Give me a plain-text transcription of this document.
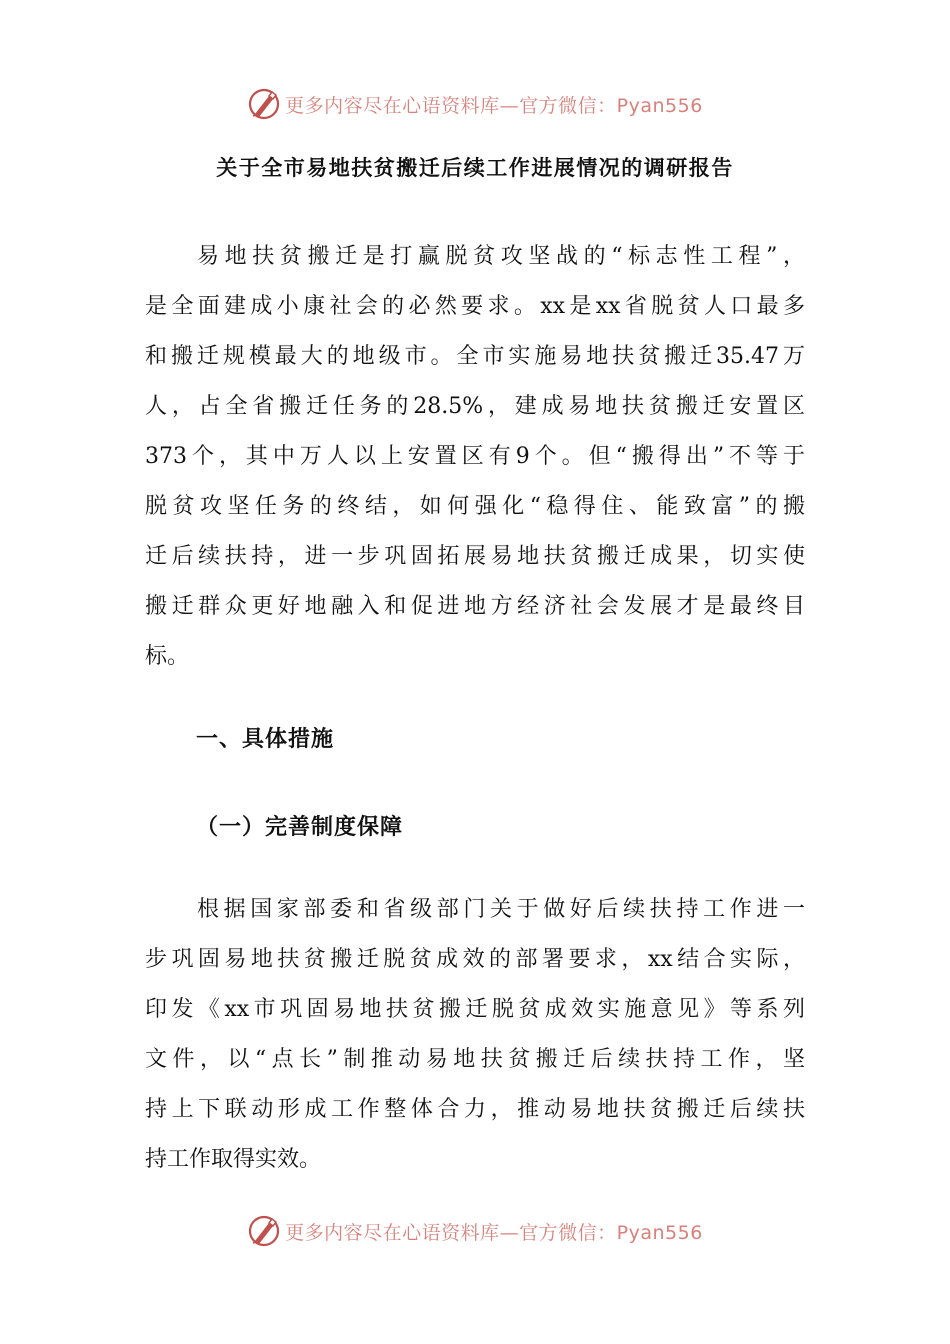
更多内容尽在心语资料库—官方微信：Pyan556
关于全市易地扶贫搬迁后续工作进展情况的调研报告
易地扶贫搬迁是打赢脱贫攻坚战的“标志性工程”，
是全面建成小康社会的必然要求。xx是xx省脱贫人口最多
和搬迁规模最大的地级市。全市实施易地扶贫搬迁35.47万
人，占全省搬迁任务的28.5%，建成易地扶贫搬迁安置区
373个，其中万人以上安置区有9个。但“搬得出”不等于
脱贫攻坚任务的终结，如何强化“稳得住、能致富”的搬
迁后续扶持，进一步巩固拓展易地扶贫搬迁成果，切实使
搬迁群众更好地融入和促进地方经济社会发展才是最终目
标。
一、具体措施
（一）完善制度保障
根据国家部委和省级部门关于做好后续扶持工作进一
步巩固易地扶贫搬迁脱贫成效的部署要求，xx结合实际，
印发《xx市巩固易地扶贫搬迁脱贫成效实施意见》等系列
文件，以“点长”制推动易地扶贫搬迁后续扶持工作，坚
持上下联动形成工作整体合力，推动易地扶贫搬迁后续扶
持工作取得实效。
更多内容尽在心语资料库—官方微信：Pyan556
